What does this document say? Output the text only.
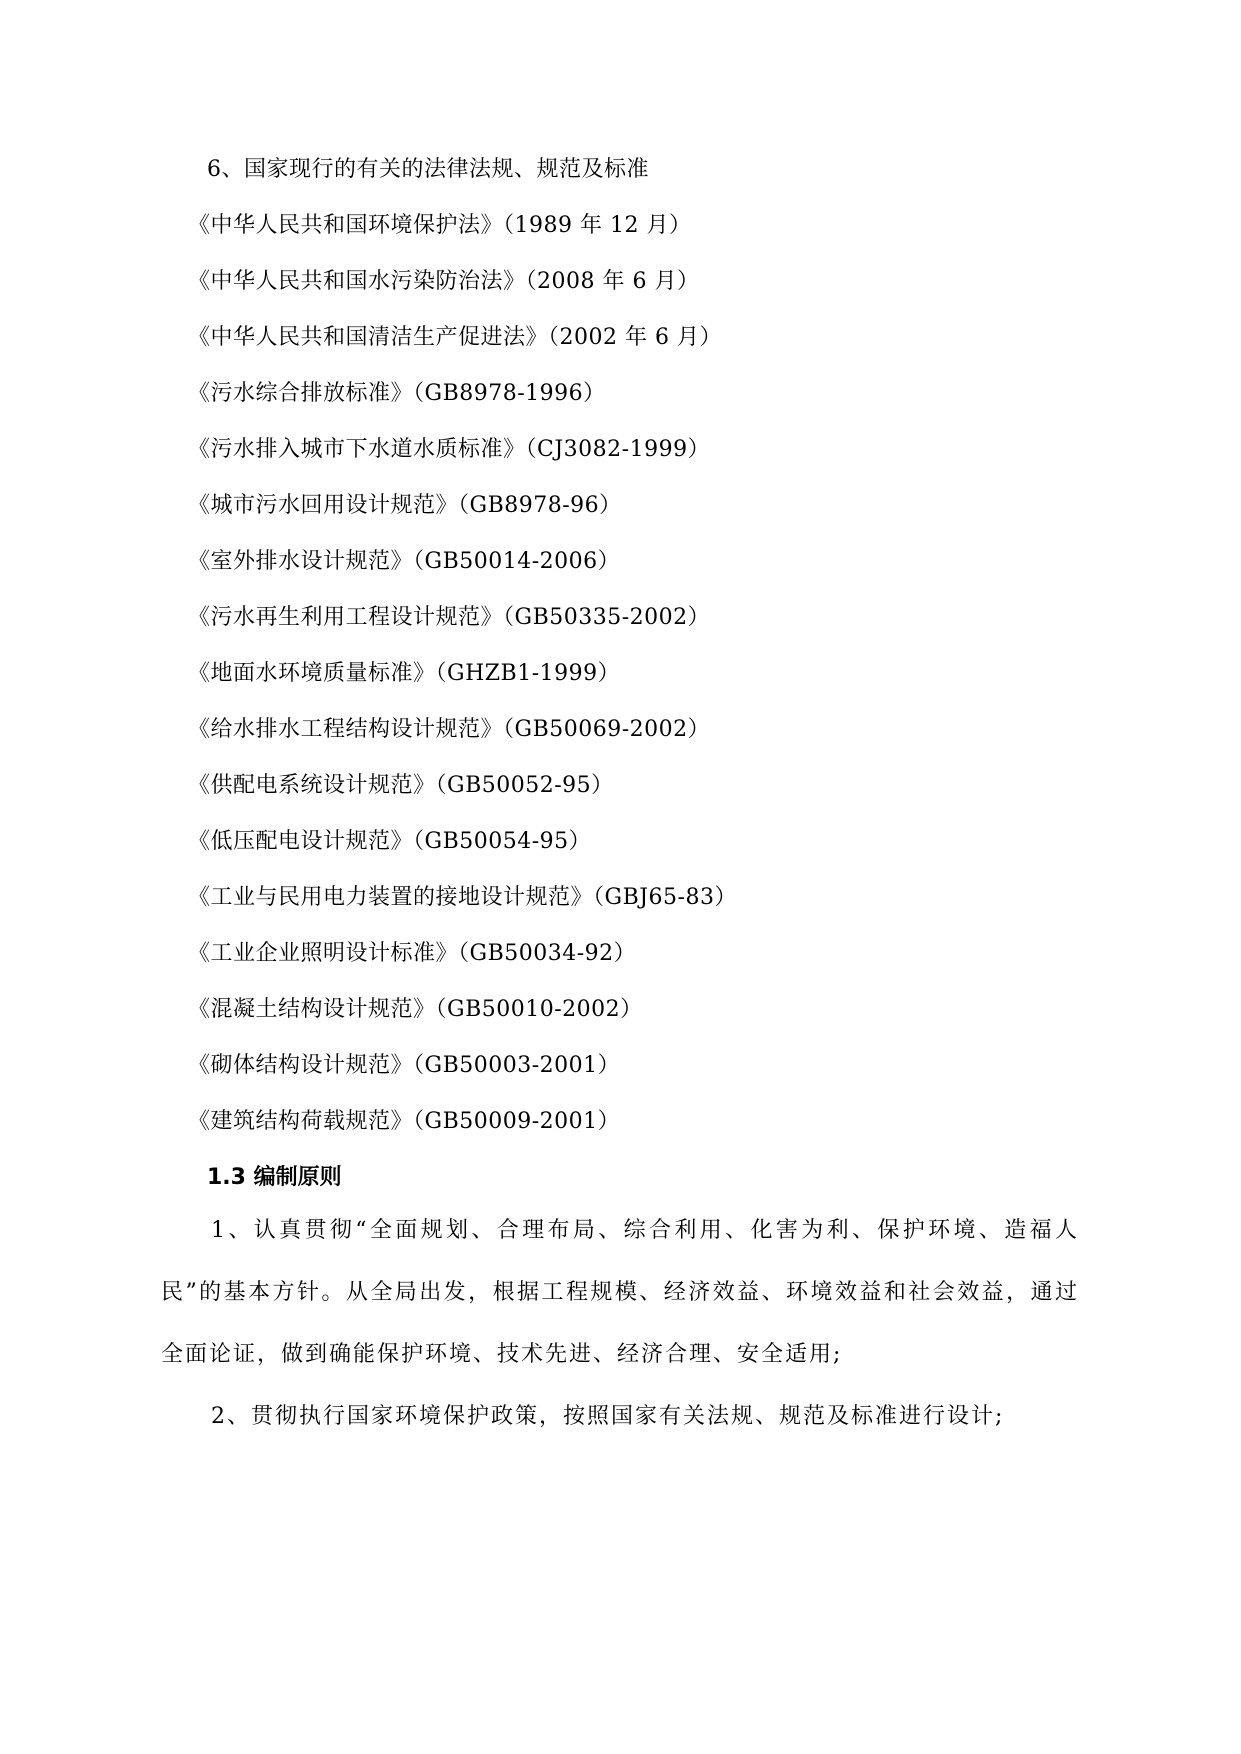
6、国家现行的有关的法律法规、规范及标准
《中华人民共和国环境保护法》（1989 年 12 月）
《中华人民共和国水污染防治法》（2008 年 6 月）
《中华人民共和国清洁生产促进法》（2002 年 6 月）
《污水综合排放标准》（GB8978-1996）
《污水排入城市下水道水质标准》（CJ3082-1999）
《城市污水回用设计规范》（GB8978-96）
《室外排水设计规范》（GB50014-2006）
《污水再生利用工程设计规范》（GB50335-2002）
《地面水环境质量标准》（GHZB1-1999）
《给水排水工程结构设计规范》（GB50069-2002）
《供配电系统设计规范》（GB50052-95）
《低压配电设计规范》（GB50054-95）
《工业与民用电力装置的接地设计规范》（GBJ65-83）
《工业企业照明设计标准》（GB50034-92）
《混凝土结构设计规范》（GB50010-2002）
《砌体结构设计规范》（GB50003-2001）
《建筑结构荷载规范》（GB50009-2001）
1.3 编制原则
1、认真贯彻“全面规划、合理布局、综合利用、化害为利、保护环境、造福人民”的基本方针。从全局出发，根据工程规模、经济效益、环境效益和社会效益，通过全面论证，做到确能保护环境、技术先进、经济合理、安全适用;
2、贯彻执行国家环境保护政策，按照国家有关法规、规范及标准进行设计;
